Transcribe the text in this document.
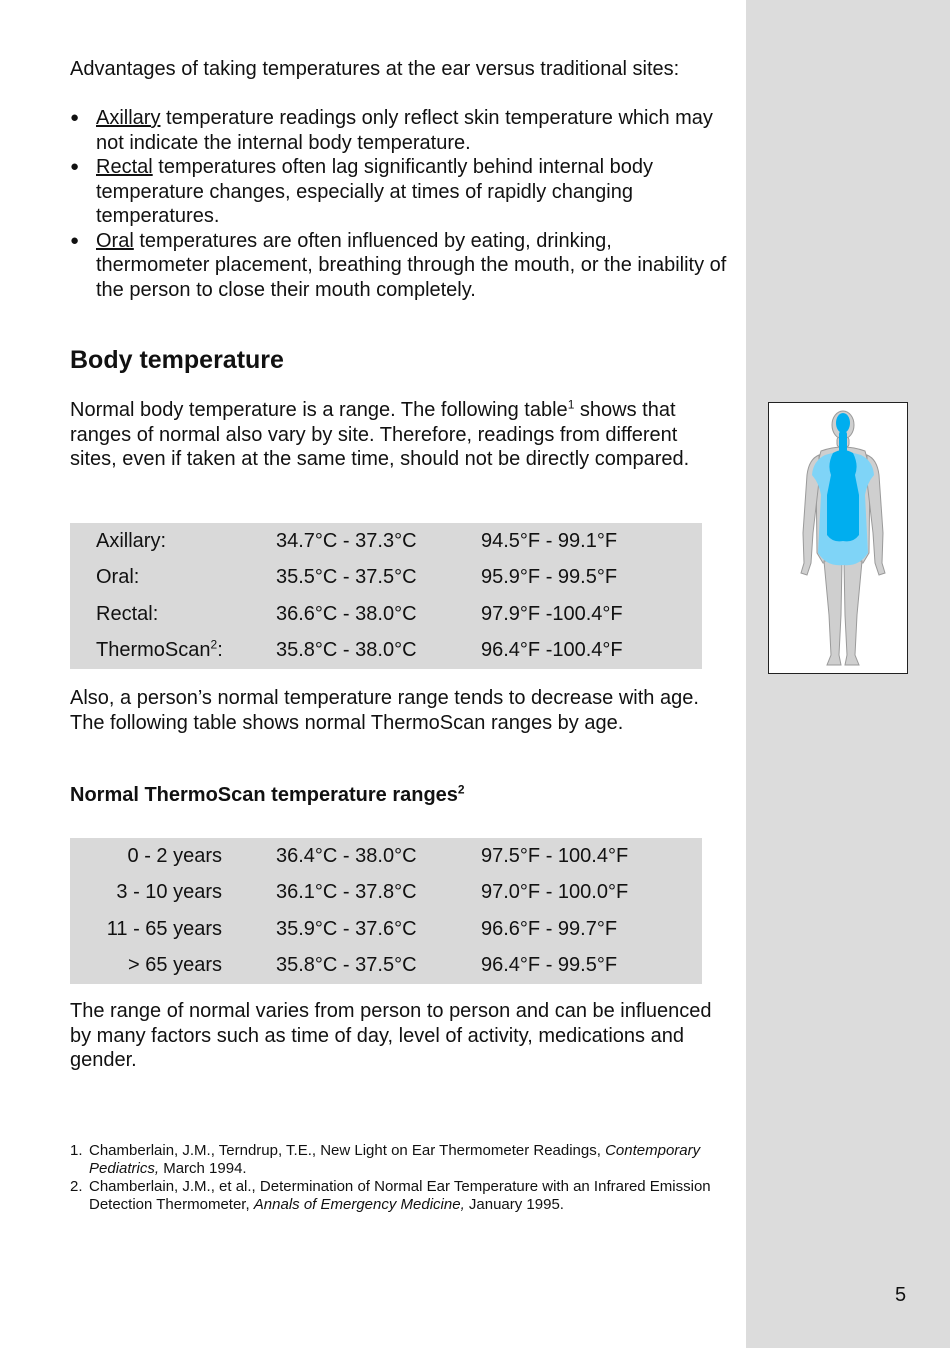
Advantages of taking temperatures at the ear versus traditional sites:
● Axillary temperature readings only reflect skin temperature which may not indicate the internal body temperature.
● Rectal temperatures often lag significantly behind internal body temperature changes, especially at times of rapidly changing temperatures.
● Oral temperatures are often influenced by eating, drinking, thermometer placement, breathing through the mouth, or the inability of the person to close their mouth completely.
Body temperature
Normal body temperature is a range. The following table$^1$ shows that ranges of normal also vary by site. Therefore, readings from different sites, even if taken at the same time, should not be directly compared.
Axillary:	34.7°C - 37.3°C	94.5°F - 99.1°F
Oral:	35.5°C - 37.5°C	95.9°F - 99.5°F
Rectal:	36.6°C - 38.0°C	97.9°F -100.4°F
ThermoScan$^2$:	35.8°C - 38.0°C	96.4°F -100.4°F
Also, a person’s normal temperature range tends to decrease with age. The following table shows normal ThermoScan ranges by age.
Normal ThermoScan temperature ranges$^2$
0 - 2 years	36.4°C - 38.0°C	97.5°F - 100.4°F
3 - 10 years	36.1°C - 37.8°C	97.0°F - 100.0°F
11 - 65 years	35.9°C - 37.6°C	96.6°F - 99.7°F
> 65 years	35.8°C - 37.5°C	96.4°F - 99.5°F
The range of normal varies from person to person and can be influenced by many factors such as time of day, level of activity, medications and gender.
1. Chamberlain, J.M., Terndrup, T.E., New Light on Ear Thermometer Readings, Contemporary Pediatrics, March 1994.
2. Chamberlain, J.M., et al., Determination of Normal Ear Temperature with an Infrared Emission Detection Thermometer, Annals of Emergency Medicine, January 1995.
5
